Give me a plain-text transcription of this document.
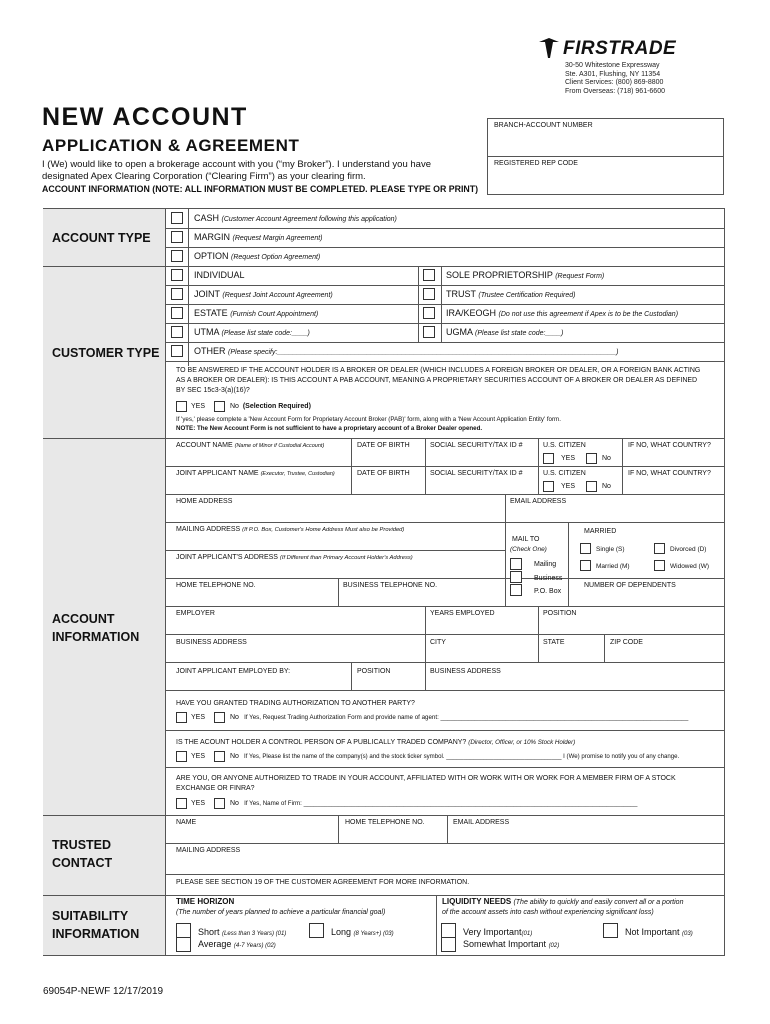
FIRSTRADE
30-50 Whitestone Expressway
Ste. A301, Flushing, NY 11354
Client Services: (800) 869-8800
From Overseas: (718) 961-6600
NEW ACCOUNT
APPLICATION & AGREEMENT
I (We) would like to open a brokerage account with you (“my Broker”). I understand you have
designated Apex Clearing Corporation (“Clearing Firm”) as your clearing firm.
ACCOUNT INFORMATION (NOTE: ALL INFORMATION MUST BE COMPLETED. PLEASE TYPE OR PRINT)
BRANCH-ACCOUNT NUMBER
REGISTERED REP CODE
ACCOUNT TYPE
CUSTOMER TYPE
ACCOUNT
INFORMATION
TRUSTED
CONTACT
SUITABILITY
INFORMATION
CASH (Customer Account Agreement following this application)
MARGIN (Request Margin Agreement)
OPTION (Request Option Agreement)
INDIVIDUAL	SOLE PROPRIETORSHIP (Request Form)
JOINT (Request Joint Account Agreement)	TRUST (Trustee Certification Required)
ESTATE (Furnish Court Appointment)	IRA/KEOGH (Do not use this agreement if Apex is to be the Custodian)
UTMA (Please list state code:____)	UGMA (Please list state code:____)
OTHER (Please specify:_______________________________________________________________________________________)
TO BE ANSWERED IF THE ACCOUNT HOLDER IS A BROKER OR DEALER (WHICH INCLUDES A FOREIGN BROKER OR DEALER, OR A FOREIGN BANK ACTING
AS A BROKER OR DEALER): IS THIS ACCOUNT A PAB ACCOUNT, MEANING A PROPRIETARY SECURITIES ACCOUNT OF A BROKER OR DEALER AS DEFINED
BY SEC 15c3-3(a)(16)?
YES	No (Selection Required)
If 'yes,' please complete a 'New Account Form for Proprietary Account Broker (PAB)' form, along with a 'New Account Application Entity' form.
NOTE: The New Account Form is not sufficient to have a proprietary account of a Broker Dealer opened.
ACCOUNT NAME (Name of Minor if Custodial Account)	DATE OF BIRTH	SOCIAL SECURITY/TAX ID #	U.S. CITIZEN	IF NO, WHAT COUNTRY?
YES	No
JOINT APPLICANT NAME (Executor, Trustee, Custodian)	DATE OF BIRTH	SOCIAL SECURITY/TAX ID #	U.S. CITIZEN	IF NO, WHAT COUNTRY?
YES	No
HOME ADDRESS	EMAIL ADDRESS
MAILING ADDRESS (If P.O. Box, Customer's Home Address Must also be Provided)
JOINT APPLICANT'S ADDRESS (If Different than Primary Account Holder's Address)
MAIL TO
(Check One)
Mailing
Business
P.O. Box
MARRIED
Single (S)	Divorced (D)
Married (M)	Widowed (W)
HOME TELEPHONE NO.	BUSINESS TELEPHONE NO.	NUMBER OF DEPENDENTS
EMPLOYER	YEARS EMPLOYED	POSITION
BUSINESS ADDRESS	CITY	STATE	ZIP CODE
JOINT APPLICANT EMPLOYED BY:	POSITION	BUSINESS ADDRESS
HAVE YOU GRANTED TRADING AUTHORIZATION TO ANOTHER PARTY?
YES	No If Yes, Request Trading Authorization Form and provide name of agent: ________________________________________________________________________
IS THE ACOUNT HOLDER A CONTROL PERSON OF A PUBLICALLY TRADED COMPANY? (Director, Officer, or 10% Stock Holder)
YES	No If Yes, Please list the name of the company(s) and the stock ticker symbol. __________________________________ I (We) promise to notify you of any change.
ARE YOU, OR ANYONE AUTHORIZED TO TRADE IN YOUR ACCOUNT, AFFILIATED WITH OR WORK WITH OR WORK FOR A MEMBER FIRM OF A STOCK
EXCHANGE OR FINRA?
YES	No If Yes, Name of Firm: _________________________________________________________________________________________________
NAME	HOME TELEPHONE NO.	EMAIL ADDRESS
MAILING ADDRESS
PLEASE SEE SECTION 19 OF THE CUSTOMER AGREEMENT FOR MORE INFORMATION.
TIME HORIZON
(The number of years planned to achieve a particular financial goal)
Short (Less than 3 Years) (01)
Average (4-7 Years) (02)
Long (8 Years+) (03)
LIQUIDITY NEEDS (The ability to quickly and easily convert all or a portion
of the account assets into cash without experiencing significant loss)
Very Important(01)
Somewhat Important (02)
Not Important (03)
69054P-NEWF 12/17/2019
